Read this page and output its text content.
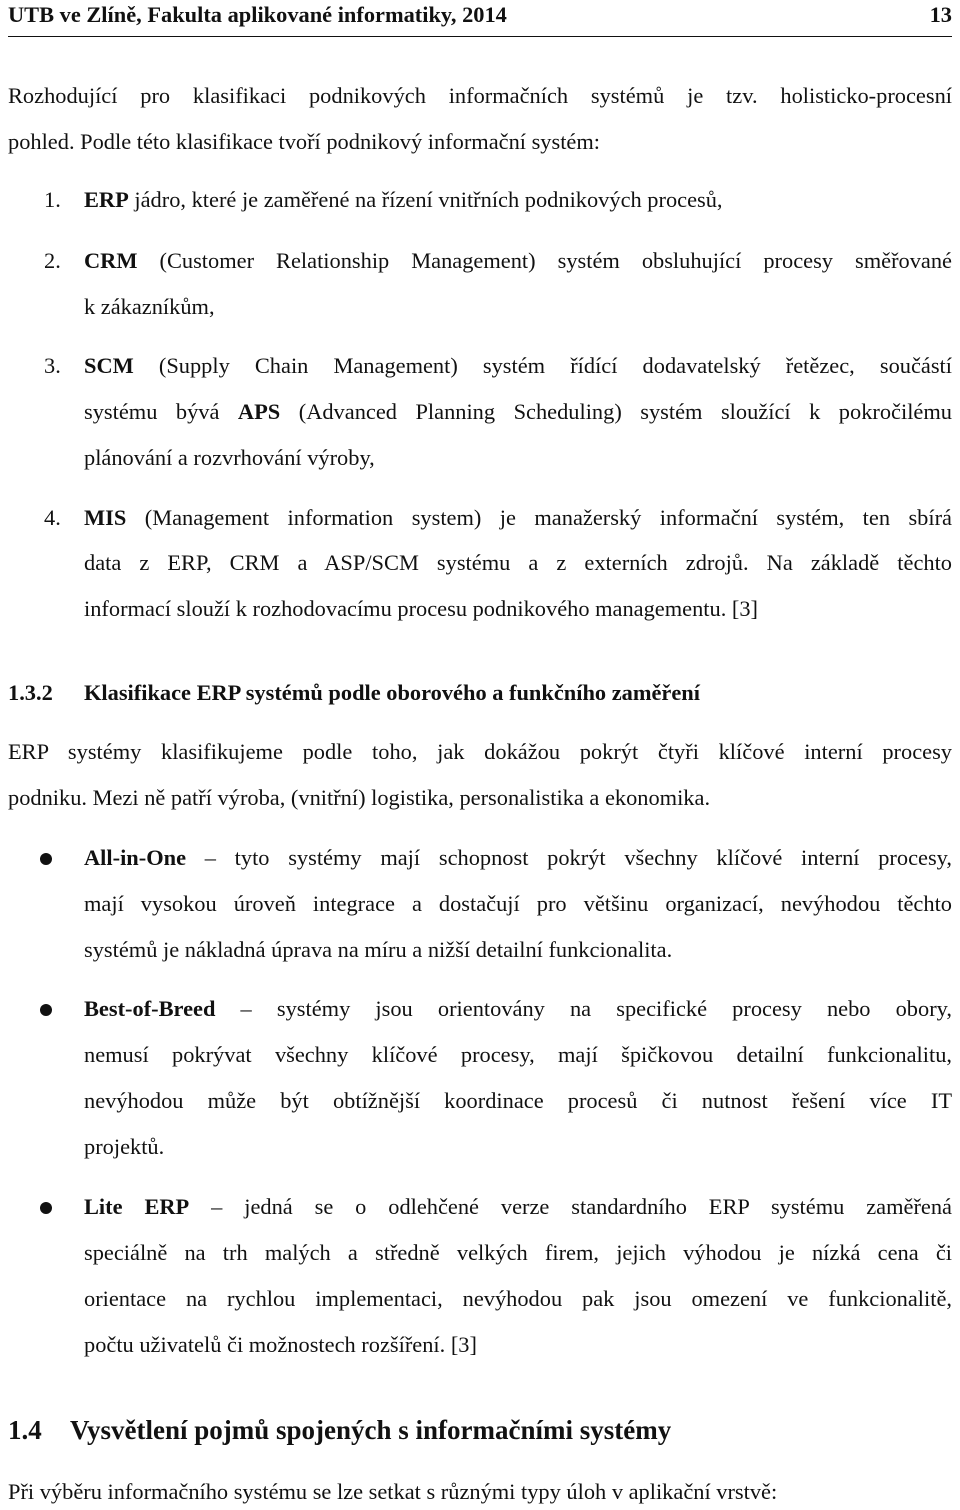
UTB ve Zlíně, Fakulta aplikované informatiky, 2014	13
Rozhodující pro klasifikaci podnikových informačních systémů je tzv. holisticko-procesní
pohled. Podle této klasifikace tvoří podnikový informační systém:
1. ERP jádro, které je zaměřené na řízení vnitřních podnikových procesů,
2. CRM (Customer Relationship Management) systém obsluhující procesy směřované
k zákazníkům,
3. SCM (Supply Chain Management) systém řídící dodavatelský řetězec, součástí
systému bývá APS (Advanced Planning Scheduling) systém sloužící k pokročilému
plánování a rozvrhování výroby,
4. MIS (Management information system) je manažerský informační systém, ten sbírá
data z ERP, CRM a ASP/SCM systému a z externích zdrojů. Na základě těchto
informací slouží k rozhodovacímu procesu podnikového managementu. [3]
1.3.2 Klasifikace ERP systémů podle oborového a funkčního zaměření
ERP systémy klasifikujeme podle toho, jak dokážou pokrýt čtyři klíčové interní procesy
podniku. Mezi ně patří výroba, (vnitřní) logistika, personalistika a ekonomika.
All-in-One – tyto systémy mají schopnost pokrýt všechny klíčové interní procesy,
mají vysokou úroveň integrace a dostačují pro většinu organizací, nevýhodou těchto
systémů je nákladná úprava na míru a nižší detailní funkcionalita.
Best-of-Breed – systémy jsou orientovány na specifické procesy nebo obory,
nemusí pokrývat všechny klíčové procesy, mají špičkovou detailní funkcionalitu,
nevýhodou může být obtížnější koordinace procesů či nutnost řešení více IT
projektů.
Lite ERP – jedná se o odlehčené verze standardního ERP systému zaměřená
speciálně na trh malých a středně velkých firem, jejich výhodou je nízká cena či
orientace na rychlou implementaci, nevýhodou pak jsou omezení ve funkcionalitě,
počtu uživatelů či možnostech rozšíření. [3]
1.4 Vysvětlení pojmů spojených s informačními systémy
Při výběru informačního systému se lze setkat s různými typy úloh v aplikační vrstvě:
